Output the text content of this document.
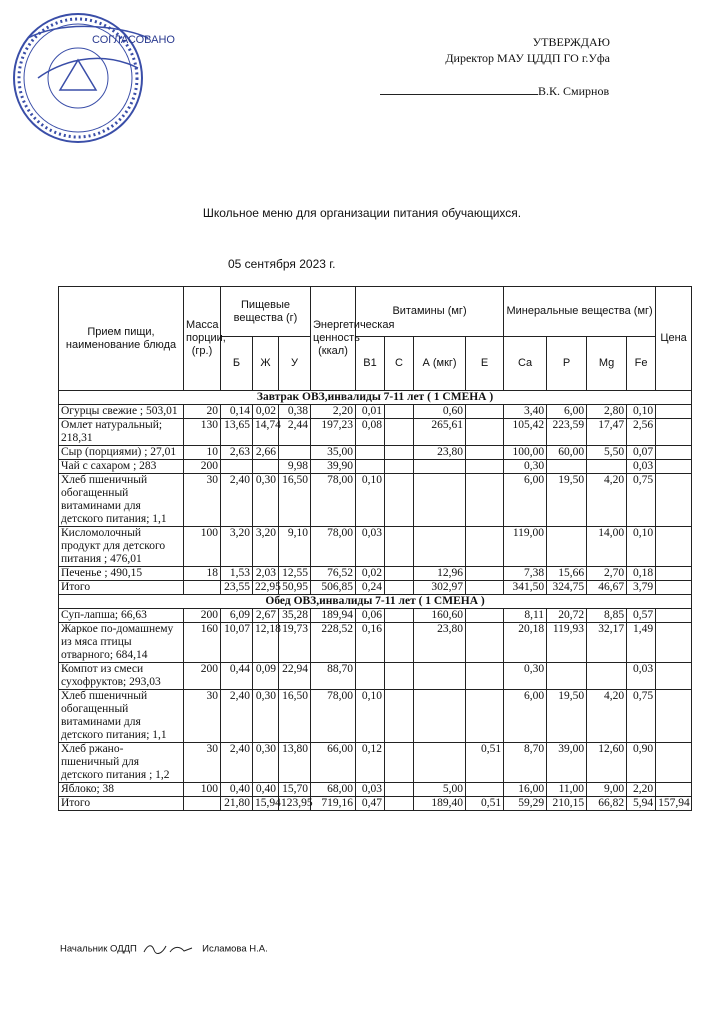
СОГЛАСОВАНО	УТВЕРЖДАЮ
Директор МАУ ЦДДП ГО г.Уфа
В.К. Смирнов
Школьное меню для организации питания обучающихся.
05 сентября 2023 г.
Прием пищи, наименование блюда	Масса порции, (гр.)	Пищевые вещества (г)			Энергетическая ценность (ккал)	Витамины (мг)				Минеральные вещества (мг)				Цена
		Б	Ж	У		В1	С	А (мкг)	Е	Са	Р	Mg	Fe	
Завтрак ОВЗ,инвалиды 7-11 лет ( 1 СМЕНА )														
Огурцы свежие ; 503,01	20	0,14	0,02	0,38	2,20	0,01		0,60		3,40	6,00	2,80	0,10	
Омлет натуральный; 218,31	130	13,65	14,74	2,44	197,23	0,08		265,61		105,42	223,59	17,47	2,56	
Сыр (порциями) ; 27,01	10	2,63	2,66		35,00			23,80		100,00	60,00	5,50	0,07	
Чай с сахаром ; 283	200			9,98	39,90					0,30			0,03	
Хлеб пшеничный обогащенный витаминами для детского питания; 1,1	30	2,40	0,30	16,50	78,00	0,10				6,00	19,50	4,20	0,75	
Кисломолочный продукт для детского питания ; 476,01	100	3,20	3,20	9,10	78,00	0,03				119,00		14,00	0,10	
Печенье ; 490,15	18	1,53	2,03	12,55	76,52	0,02		12,96		7,38	15,66	2,70	0,18	
Итого		23,55	22,95	50,95	506,85	0,24		302,97		341,50	324,75	46,67	3,79	
Обед ОВЗ,инвалиды 7-11 лет ( 1 СМЕНА )														
Суп-лапша; 66,63	200	6,09	2,67	35,28	189,94	0,06		160,60		8,11	20,72	8,85	0,57	
Жаркое по-домашнему из мяса птицы отварного; 684,14	160	10,07	12,18	19,73	228,52	0,16		23,80		20,18	119,93	32,17	1,49	
Компот из смеси сухофруктов; 293,03	200	0,44	0,09	22,94	88,70					0,30			0,03	
Хлеб пшеничный обогащенный витаминами для детского питания; 1,1	30	2,40	0,30	16,50	78,00	0,10				6,00	19,50	4,20	0,75	
Хлеб ржано-пшеничный для детского питания ; 1,2	30	2,40	0,30	13,80	66,00	0,12			0,51	8,70	39,00	12,60	0,90	
Яблоко; 38	100	0,40	0,40	15,70	68,00	0,03		5,00		16,00	11,00	9,00	2,20	
Итого		21,80	15,94	123,95	719,16	0,47		189,40	0,51	59,29	210,15	66,82	5,94	157,94
Начальник ОДДП	Исламова Н.А.
